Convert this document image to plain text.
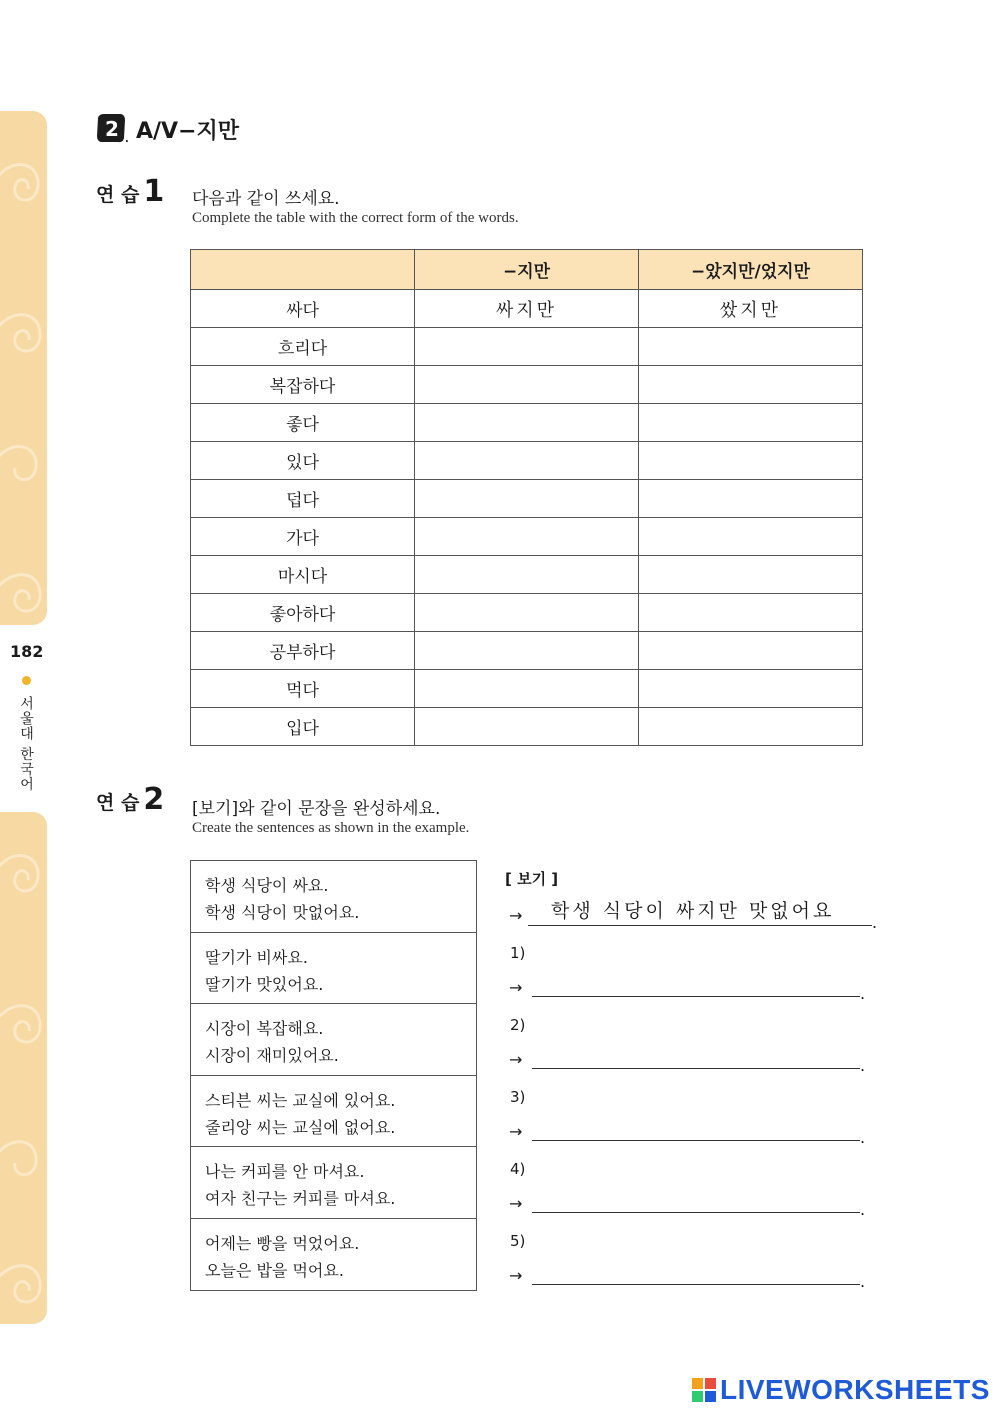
182
서울대 한국어
2 . A/V−지만
연 습 1 다음과 같이 쓰세요.
Complete the table with the correct form of the words.
	−지만	−았지만/었지만
싸다	싸지만	쌌지만
흐리다		
복잡하다		
좋다		
있다		
덥다		
가다		
마시다		
좋아하다		
공부하다		
먹다		
입다		
연 습 2 [보기]와 같이 문장을 완성하세요.
Create the sentences as shown in the example.
학생 식당이 싸요.
학생 식당이 맛없어요.
딸기가 비싸요.
딸기가 맛있어요.
시장이 복잡해요.
시장이 재미있어요.
스티븐 씨는 교실에 있어요.
줄리앙 씨는 교실에 없어요.
나는 커피를 안 마셔요.
여자 친구는 커피를 마셔요.
어제는 빵을 먹었어요.
오늘은 밥을 먹어요.
[ 보기 ]
학생 식당이 싸지만 맛없어요
→	.
1)
→	.
2)
→	.
3)
→	.
4)
→	.
5)
→	.
LIVEWORKSHEETS
